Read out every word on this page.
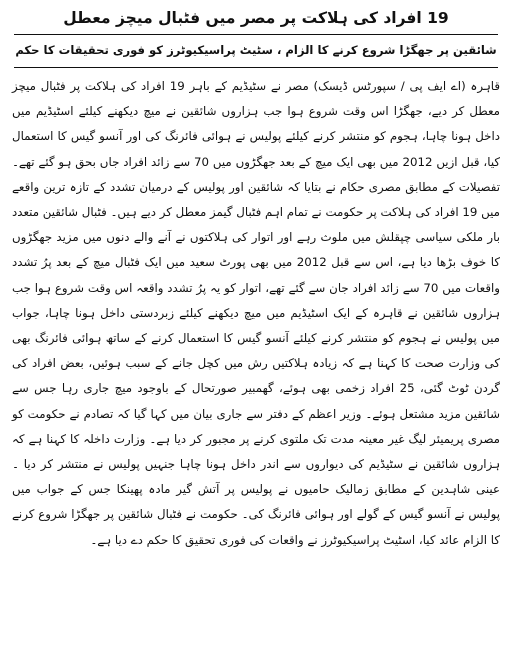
19 افراد کی ہلاکت پر مصر میں فٹبال میچز معطل
شائقین پر جھگڑا شروع کرنے کا الزام ، سٹیٹ پراسیکیوٹرز کو فوری تحقیقات کا حکم

قاہرہ (اے ایف پی / سپورٹس ڈیسک) مصر نے سٹیڈیم کے باہر 19 افراد کی ہلاکت پر فٹبال میچز معطل کر دیے، جھگڑا اس وقت شروع ہوا جب ہزاروں شائقین نے میچ دیکھنے کیلئے اسٹیڈیم میں داخل ہونا چاہا، ہجوم کو منتشر کرنے کیلئے پولیس نے ہوائی فائرنگ کی اور آنسو گیس کا استعمال کیا، قبل ازیں 2012 میں بھی ایک میچ کے بعد جھگڑوں میں 70 سے زائد افراد جاں بحق ہو گئے تھے۔ تفصیلات کے مطابق مصری حکام نے بتایا کہ شائقین اور پولیس کے درمیان تشدد کے تازہ ترین واقعے میں 19 افراد کی ہلاکت پر حکومت نے تمام اہم فٹبال گیمز معطل کر دیے ہیں۔ فٹبال شائقین متعدد بار ملکی سیاسی چپقلش میں ملوث رہے اور اتوار کی ہلاکتوں نے آنے والے دنوں میں مزید جھگڑوں کا خوف بڑھا دیا ہے، اس سے قبل 2012 میں بھی پورٹ سعید میں ایک فٹبال میچ کے بعد پرُ تشدد واقعات میں 70 سے زائد افراد جان سے گئے تھے، اتوار کو یہ پرُ تشدد واقعہ اس وقت شروع ہوا جب ہزاروں شائقین نے قاہرہ کے ایک اسٹیڈیم میں میچ دیکھنے کیلئے زبردستی داخل ہونا چاہا، جواب میں پولیس نے ہجوم کو منتشر کرنے کیلئے آنسو گیس کا استعمال کرنے کے ساتھ ہوائی فائرنگ بھی کی وزارت صحت کا کہنا ہے کہ زیادہ ہلاکتیں رش میں کچل جانے کے سبب ہوئیں، بعض افراد کی گردن ٹوٹ گئی، 25 افراد زخمی بھی ہوئے، گھمبیر صورتحال کے باوجود میچ جاری رہا جس سے شائقین مزید مشتعل ہوئے۔ وزیر اعظم کے دفتر سے جاری بیان میں کہا گیا کہ تصادم نے حکومت کو مصری پریمیئر لیگ غیر معینہ مدت تک ملتوی کرنے پر مجبور کر دیا ہے۔ وزارت داخلہ کا کہنا ہے کہ ہزاروں شائقین نے سٹیڈیم کی دیواروں سے اندر داخل ہونا چاہا جنہیں پولیس نے منتشر کر دیا ۔ عینی شاہدین کے مطابق زمالیک حامیوں نے پولیس پر آتش گیر مادہ پھینکا جس کے جواب میں پولیس نے آنسو گیس کے گولے اور ہوائی فائرنگ کی۔ حکومت نے فٹبال شائقین پر جھگڑا شروع کرنے کا الزام عائد کیا، اسٹیٹ پراسیکیوٹرز نے واقعات کی فوری تحقیق کا حکم دے دیا ہے۔
